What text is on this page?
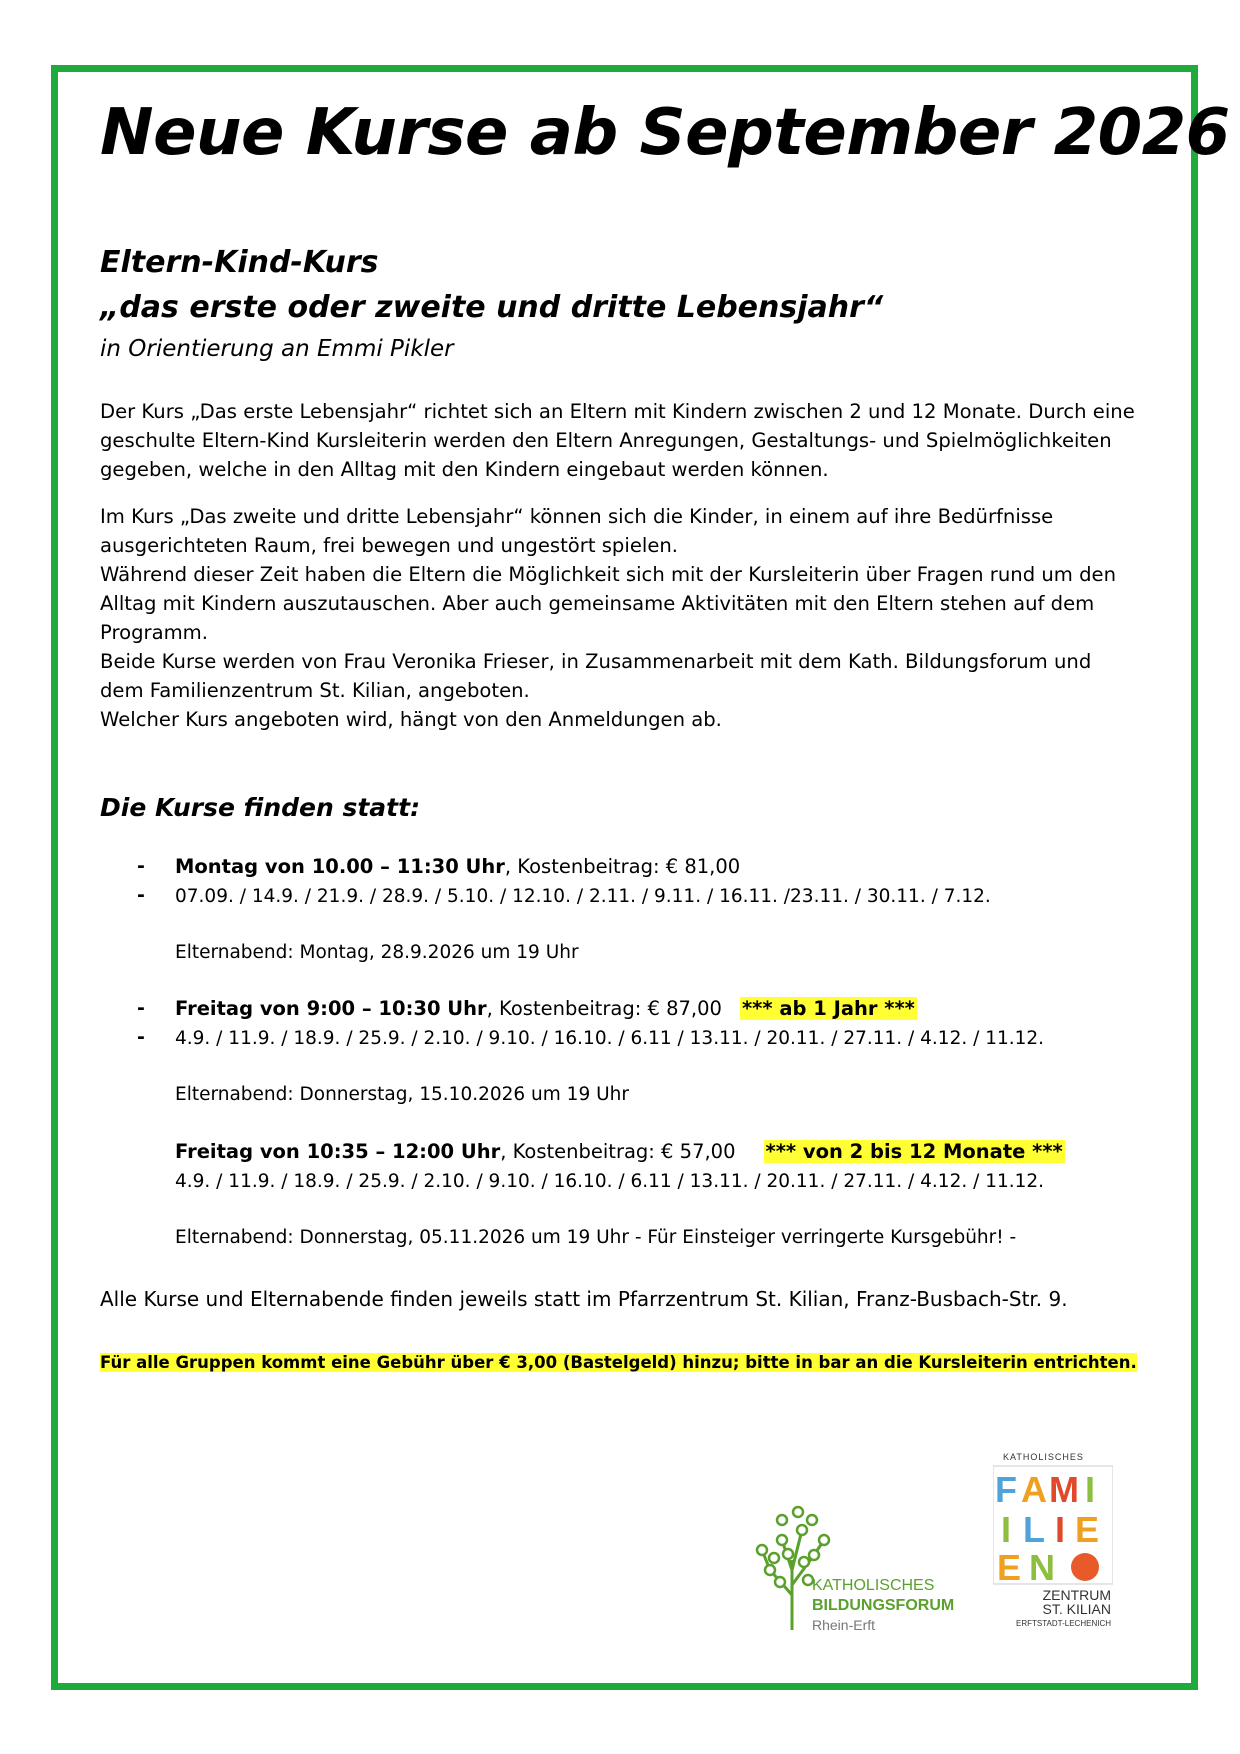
Neue Kurse ab September 2026
Eltern-Kind-Kurs
„das erste oder zweite und dritte Lebensjahr“
in Orientierung an Emmi Pikler
Der Kurs „Das erste Lebensjahr“ richtet sich an Eltern mit Kindern zwischen 2 und 12 Monate. Durch eine geschulte Eltern-Kind Kursleiterin werden den Eltern Anregungen, Gestaltungs- und Spielmöglichkeiten gegeben, welche in den Alltag mit den Kindern eingebaut werden können.
Im Kurs „Das zweite und dritte Lebensjahr“ können sich die Kinder, in einem auf ihre Bedürfnisse ausgerichteten Raum, frei bewegen und ungestört spielen.
Während dieser Zeit haben die Eltern die Möglichkeit sich mit der Kursleiterin über Fragen rund um den Alltag mit Kindern auszutauschen. Aber auch gemeinsame Aktivitäten mit den Eltern stehen auf dem Programm.
Beide Kurse werden von Frau Veronika Frieser, in Zusammenarbeit mit dem Kath. Bildungsforum und dem Familienzentrum St. Kilian, angeboten.
Welcher Kurs angeboten wird, hängt von den Anmeldungen ab.
Die Kurse finden statt:
-
-
Montag von 10.00 – 11:30 Uhr, Kostenbeitrag: € 81,00
07.09. / 14.9. / 21.9. / 28.9. / 5.10. / 12.10. / 2.11. / 9.11. / 16.11. /23.11. / 30.11. / 7.12.
Elternabend: Montag, 28.9.2026 um 19 Uhr
-
-
Freitag von 9:00 – 10:30 Uhr, Kostenbeitrag: € 87,00 *** ab 1 Jahr ***
4.9. / 11.9. / 18.9. / 25.9. / 2.10. / 9.10. / 16.10. / 6.11 / 13.11. / 20.11. / 27.11. / 4.12. / 11.12.
Elternabend: Donnerstag, 15.10.2026 um 19 Uhr
Freitag von 10:35 – 12:00 Uhr, Kostenbeitrag: € 57,00 *** von 2 bis 12 Monate ***
4.9. / 11.9. / 18.9. / 25.9. / 2.10. / 9.10. / 16.10. / 6.11 / 13.11. / 20.11. / 27.11. / 4.12. / 11.12.
Elternabend: Donnerstag, 05.11.2026 um 19 Uhr - Für Einsteiger verringerte Kursgebühr! -
Alle Kurse und Elternabende finden jeweils statt im Pfarrzentrum St. Kilian, Franz-Busbach-Str. 9.
Für alle Gruppen kommt eine Gebühr über € 3,00 (Bastelgeld) hinzu; bitte in bar an die Kursleiterin entrichten.
KATHOLISCHES
BILDUNGSFORUM
Rhein-Erft
KATHOLISCHES
F A M I
I L I E
E N
ZENTRUM
ST. KILIAN
ERFTSTADT-LECHENICH
